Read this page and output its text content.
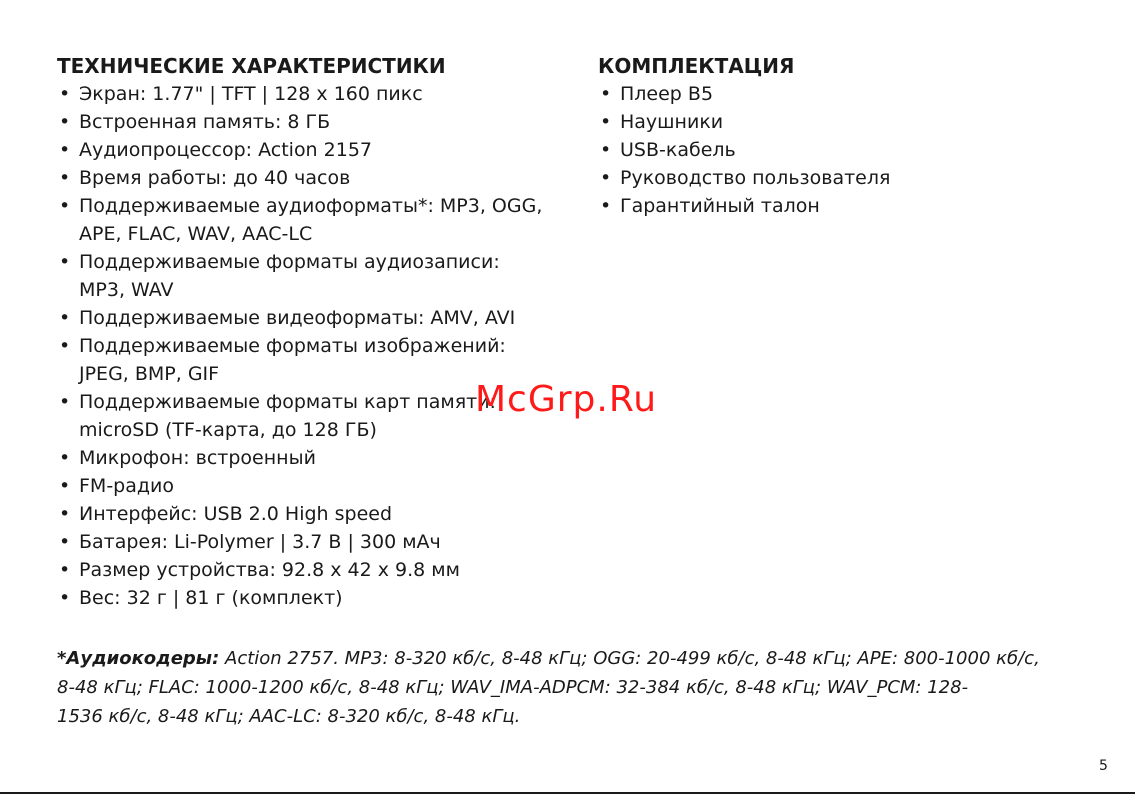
ТЕХНИЧЕСКИЕ ХАРАКТЕРИСТИКИ
• Экран: 1.77" | TFT | 128 x 160 пикс
• Встроенная память: 8 ГБ
• Аудиопроцессор: Action 2157
• Время работы: до 40 часов
• Поддерживаемые аудиоформаты*: MP3, OGG,
APE, FLAC, WAV, AAC-LC
• Поддерживаемые форматы аудиозаписи:
MP3, WAV
• Поддерживаемые видеоформаты: AMV, AVI
• Поддерживаемые форматы изображений:
JPEG, BMP, GIF
• Поддерживаемые форматы карт памяти:
microSD (TF-карта, до 128 ГБ)
• Микрофон: встроенный
• FM-радио
• Интерфейс: USB 2.0 High speed
• Батарея: Li-Polymer | 3.7 В | 300 мАч
• Размер устройства: 92.8 x 42 x 9.8 мм
• Вес: 32 г | 81 г (комплект)
КОМПЛЕКТАЦИЯ
• Плеер B5
• Наушники
• USB-кабель
• Руководство пользователя
• Гарантийный талон
*Аудиокодеры: Action 2757. MP3: 8-320 кб/с, 8-48 кГц; OGG: 20-499 кб/с, 8-48 кГц; APE: 800-1000 кб/с,
8-48 кГц; FLAC: 1000-1200 кб/с, 8-48 кГц; WAV_IMA-ADPCM: 32-384 кб/с, 8-48 кГц; WAV_PCM: 128-
1536 кб/с, 8-48 кГц; AAC-LC: 8-320 кб/с, 8-48 кГц.
McGrp.Ru
5
